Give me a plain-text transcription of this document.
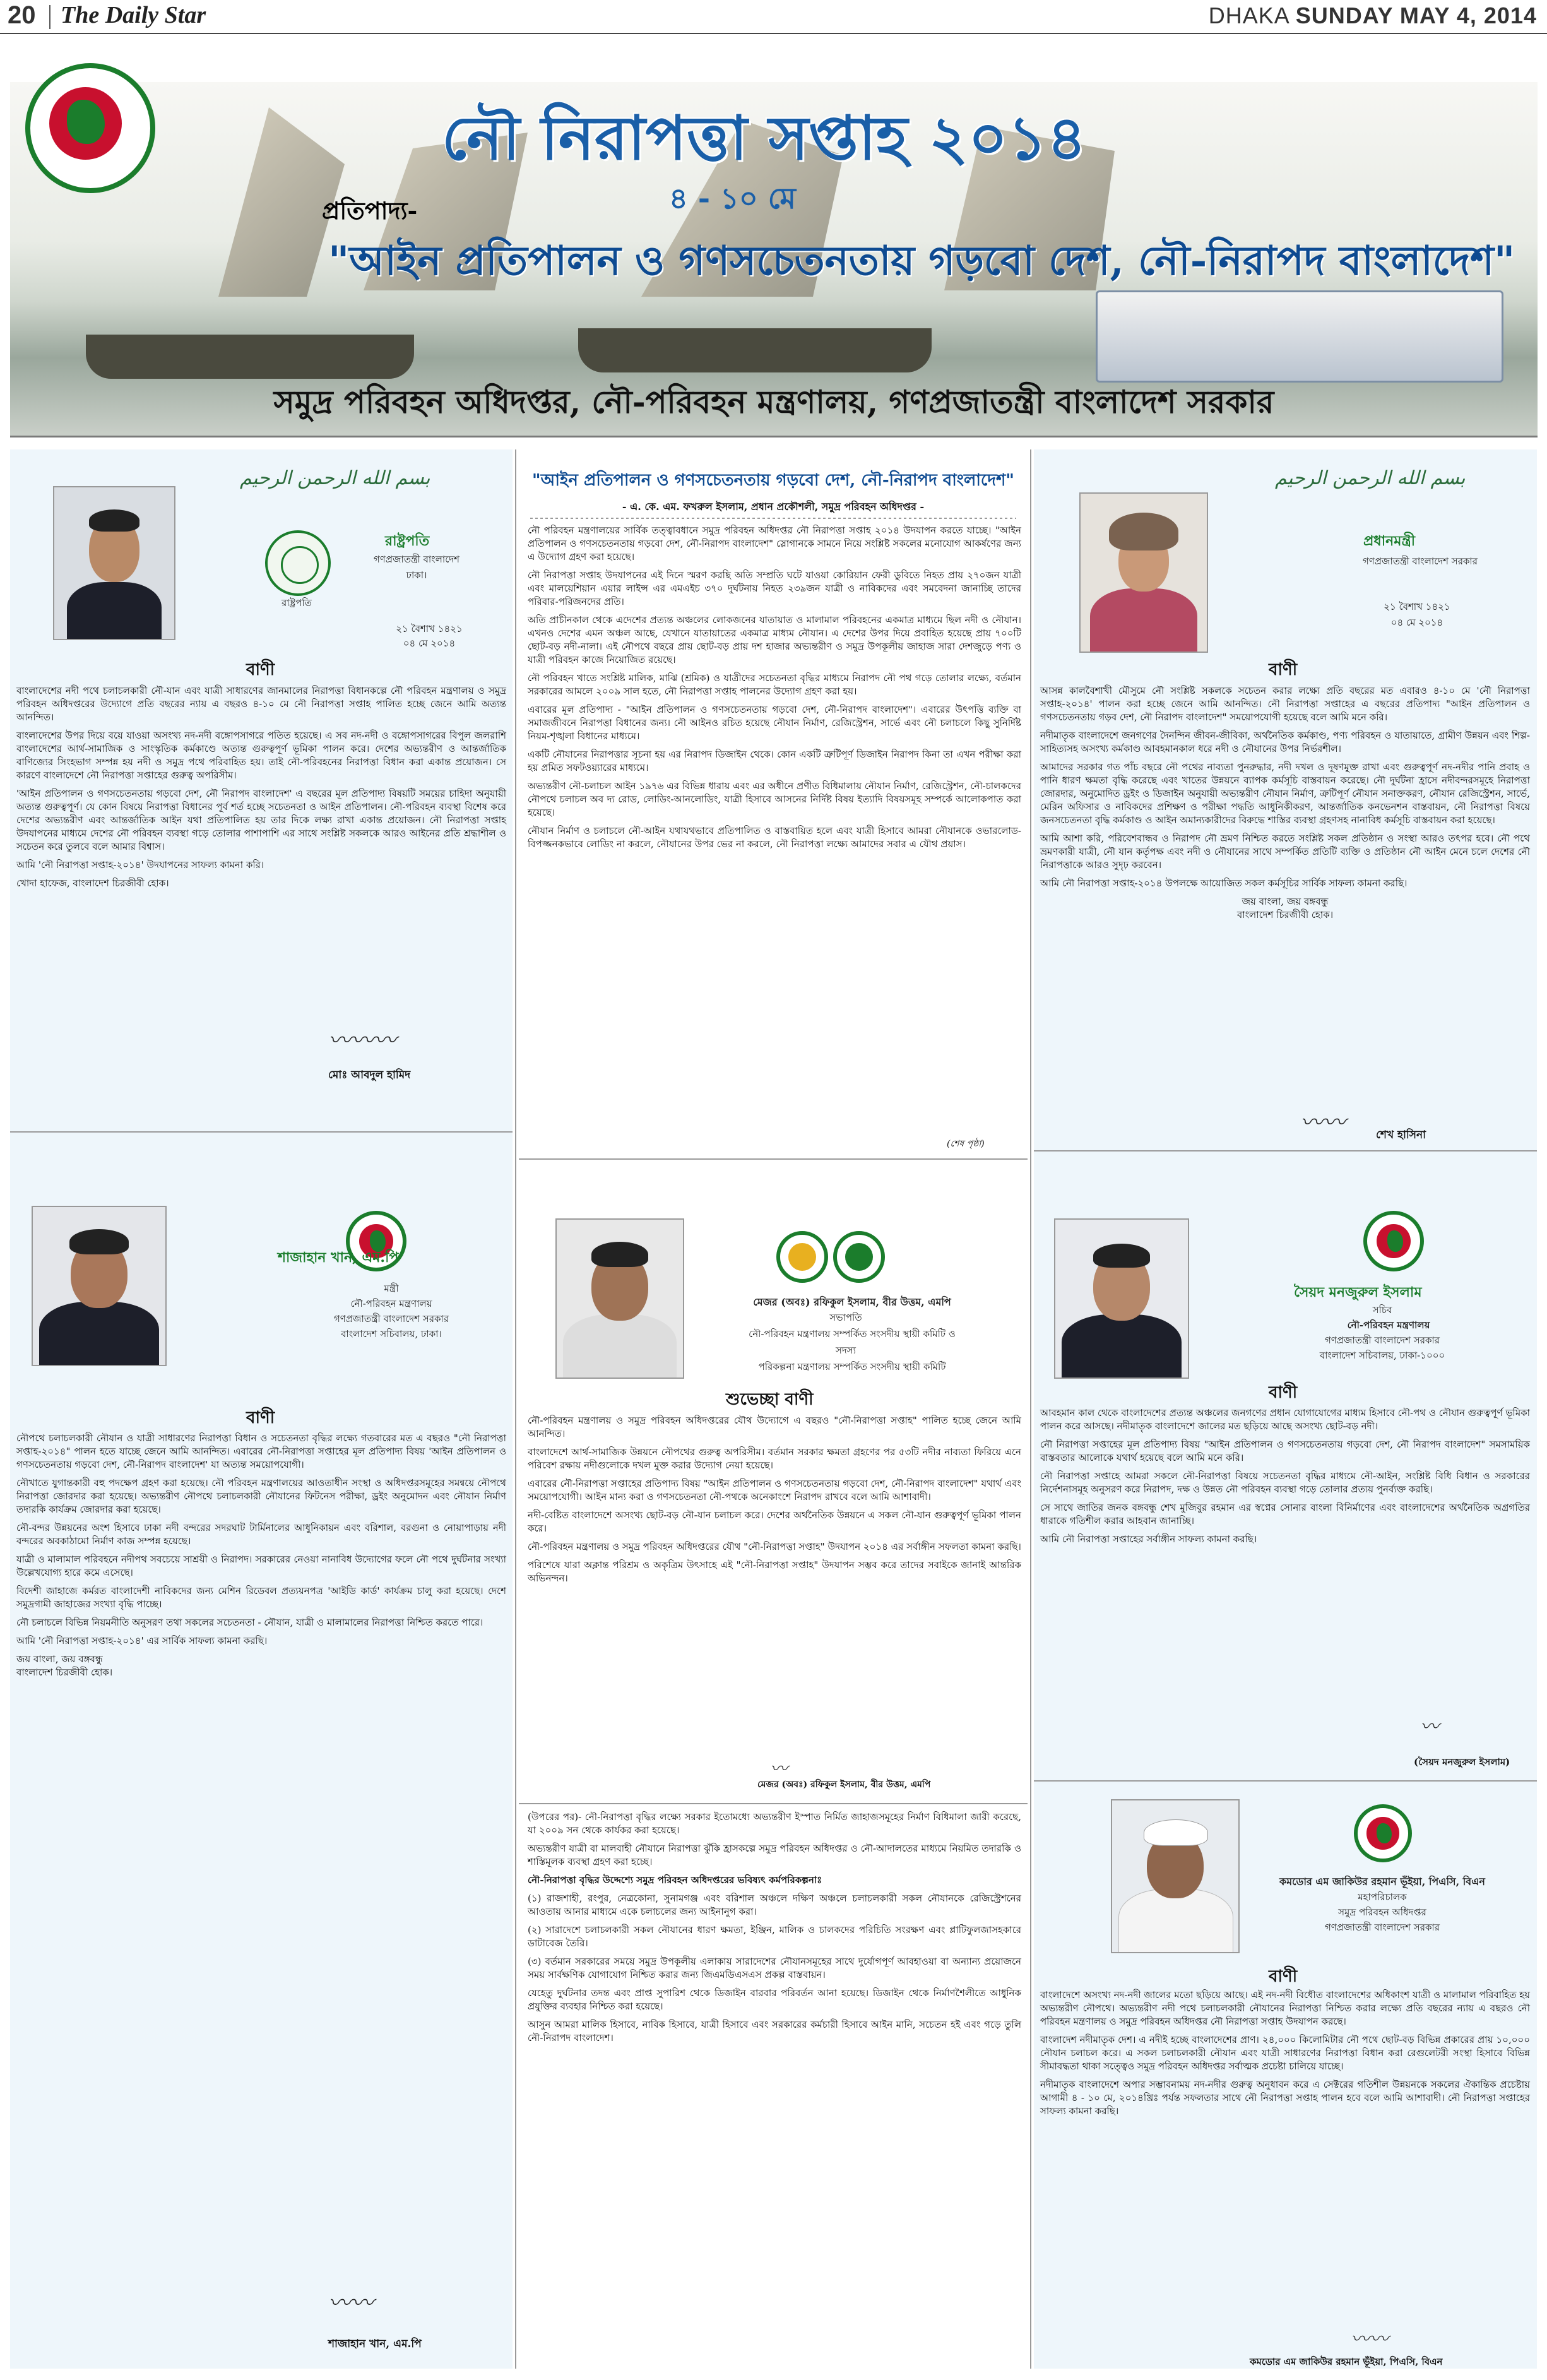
20 The Daily Star	DHAKA SUNDAY MAY 4, 2014
নৌ নিরাপত্তা সপ্তাহ ২০১৪
প্রতিপাদ্য-	৪ - ১০ মে
"আইন প্রতিপালন ও গণসচেতনতায় গড়বো দেশ, নৌ-নিরাপদ বাংলাদেশ"
সমুদ্র পরিবহন অধিদপ্তর, নৌ-পরিবহন মন্ত্রণালয়, গণপ্রজাতন্ত্রী বাংলাদেশ সরকার
بسم الله الرحمن الرحيم
রাষ্ট্রপতি
রাষ্ট্রপতি
গণপ্রজাতন্ত্রী বাংলাদেশ
ঢাকা।
২১ বৈশাখ ১৪২১
০৪ মে ২০১৪
বাণী

বাংলাদেশের নদী পথে চলাচলকারী নৌ-যান এবং যাত্রী সাধারণের জানমালের নিরাপত্তা বিধানকল্পে নৌ পরিবহন মন্ত্রণালয় ও সমুদ্র পরিবহন অধিদপ্তরের উদ্যোগে প্রতি বছরের ন্যায় এ বছরও ৪-১০ মে নৌ নিরাপত্তা সপ্তাহ পালিত হচ্ছে জেনে আমি অত্যন্ত আনন্দিত।

বাংলাদেশের উপর দিয়ে বয়ে যাওয়া অসংখ্য নদ-নদী বঙ্গোপসাগরে পতিত হয়েছে। এ সব নদ-নদী ও বঙ্গোপসাগরের বিপুল জলরাশি বাংলাদেশের আর্থ-সামাজিক ও সাংস্কৃতিক কর্মকাণ্ডে অত্যন্ত গুরুত্বপূর্ণ ভূমিকা পালন করে। দেশের অভ্যন্তরীণ ও আন্তর্জাতিক বাণিজ্যের সিংহভাগ সম্পন্ন হয় নদী ও সমুদ্র পথে পরিবাহিত হয়। তাই নৌ-পরিবহনের নিরাপত্তা বিধান করা একান্ত প্রয়োজন। সে কারণে বাংলাদেশে নৌ নিরাপত্তা সপ্তাহের গুরুত্ব অপরিসীম।

'আইন প্রতিপালন ও গণসচেতনতায় গড়বো দেশ, নৌ নিরাপদ বাংলাদেশ' এ বছরের মূল প্রতিপাদ্য বিষয়টি সময়ের চাহিদা অনুযায়ী অত্যন্ত গুরুত্বপূর্ণ। যে কোন বিষয়ে নিরাপত্তা বিধানের পূর্ব শর্ত হচ্ছে সচেতনতা ও আইন প্রতিপালন। নৌ-পরিবহন ব্যবস্থা বিশেষ করে দেশের অভ্যন্তরীণ এবং আন্তর্জাতিক আইন যথা প্রতিপালিত হয় তার দিকে লক্ষ্য রাখা একান্ত প্রয়োজন। নৌ নিরাপত্তা সপ্তাহ উদযাপনের মাধ্যমে দেশের নৌ পরিবহন ব্যবস্থা গড়ে তোলার পাশাপাশি এর সাথে সংশ্লিষ্ট সকলকে আরও আইনের প্রতি শ্রদ্ধাশীল ও সচেতন করে তুলবে বলে আমার বিশ্বাস।

আমি 'নৌ নিরাপত্তা সপ্তাহ-২০১৪' উদযাপনের সাফল্য কামনা করি।

খোদা হাফেজ, বাংলাদেশ চিরজীবী হোক।

〰〰〰
মোঃ আবদুল হামিদ
"আইন প্রতিপালন ও গণসচেতনতায় গড়বো দেশ, নৌ-নিরাপদ বাংলাদেশ"
- এ. কে. এম. ফখরুল ইসলাম, প্রধান প্রকৌশলী, সমুদ্র পরিবহন অধিদপ্তর -

নৌ পরিবহন মন্ত্রণালয়ের সার্বিক তত্ত্বাবধানে সমুদ্র পরিবহন অধিদপ্তর নৌ নিরাপত্তা সপ্তাহ ২০১৪ উদযাপন করতে যাচ্ছে। "আইন প্রতিপালন ও গণসচেতনতায় গড়বো দেশ, নৌ-নিরাপদ বাংলাদেশ" স্লোগানকে সামনে নিয়ে সংশ্লিষ্ট সকলের মনোযোগ আকর্ষণের জন্য এ উদ্যোগ গ্রহণ করা হয়েছে।

নৌ নিরাপত্তা সপ্তাহ উদযাপনের এই দিনে স্মরণ করছি অতি সম্প্রতি ঘটে যাওয়া কোরিয়ান ফেরী ডুবিতে নিহত প্রায় ২৭০জন যাত্রী এবং মালয়েশিয়ান এয়ার লাইন্স এর এমএইচ ৩৭০ দুর্ঘটনায় নিহত ২৩৯জন যাত্রী ও নাবিকদের এবং সমবেদনা জানাচ্ছি তাদের পরিবার-পরিজনদের প্রতি।

অতি প্রাচীনকাল থেকে এদেশের প্রত্যন্ত অঞ্চলের লোকজনের যাতায়াত ও মালামাল পরিবহনের একমাত্র মাধ্যমে ছিল নদী ও নৌযান। এখনও দেশের এমন অঞ্চল আছে, যেখানে যাতায়াতের একমাত্র মাধ্যম নৌযান। এ দেশের উপর দিয়ে প্রবাহিত হয়েছে প্রায় ৭০০টি ছোট-বড় নদী-নালা। এই নৌপথে বছরে প্রায় ছোট-বড় প্রায় দশ হাজার অভ্যন্তরীণ ও সমুদ্র উপকূলীয় জাহাজ সারা দেশজুড়ে পণ্য ও যাত্রী পরিবহন কাজে নিয়োজিত রয়েছে।

নৌ পরিবহন খাতে সংশ্লিষ্ট মালিক, মাঝি (শ্রমিক) ও যাত্রীদের সচেতনতা বৃদ্ধির মাধ্যমে নিরাপদ নৌ পথ গড়ে তোলার লক্ষ্যে, বর্তমান সরকারের আমলে ২০০৯ সাল হতে, নৌ নিরাপত্তা সপ্তাহ পালনের উদ্যোগ গ্রহণ করা হয়।

এবারের মূল প্রতিপাদ্য - "আইন প্রতিপালন ও গণসচেতনতায় গড়বো দেশ, নৌ-নিরাপদ বাংলাদেশ"। এবারের উৎপত্তি ব্যক্তি বা সমাজজীবনে নিরাপত্তা বিধানের জন্য। নৌ আইনও রচিত হয়েছে নৌযান নির্মাণ, রেজিস্ট্রেশন, সার্ভে এবং নৌ চলাচলে কিছু সুনির্দিষ্ট নিয়ম-শৃঙ্খলা বিধানের মাধ্যমে।

একটি নৌযানের নিরাপত্তার সূচনা হয় এর নিরাপদ ডিজাইন থেকে। কোন একটি ত্রুটিপূর্ণ ডিজাইন নিরাপদ কিনা তা এখন পরীক্ষা করা হয় প্রমিত সফটওয়্যারের মাধ্যমে।

অভ্যন্তরীণ নৌ-চলাচল আইন ১৯৭৬ এর বিভিন্ন ধারায় এবং এর অধীনে প্রণীত বিধিমালায় নৌযান নির্মাণ, রেজিস্ট্রেশন, নৌ-চালকদের নৌপথে চলাচল অব দ্য রোড, লোডিং-আনলোডিং, যাত্রী হিসাবে আসনের নির্দিষ্ট বিষয় ইত্যাদি বিষয়সমূহ সম্পর্কে আলোকপাত করা হয়েছে।

নৌযান নির্মাণ ও চলাচলে নৌ-আইন যথাযথভাবে প্রতিপালিত ও বাস্তবায়িত হলে এবং যাত্রী হিসাবে আমরা নৌযানকে ওভারলোড-বিপজ্জনকভাবে লোডিং না করলে, নৌযানের উপর ভের না করলে, নৌ নিরাপত্তা লক্ষ্যে আমাদের সবার এ যৌথ প্রয়াস।

(শেষ পৃষ্ঠা)
بسم الله الرحمن الرحيم
প্রধানমন্ত্রী
গণপ্রজাতন্ত্রী বাংলাদেশ সরকার
২১ বৈশাখ ১৪২১
০৪ মে ২০১৪
বাণী

আসন্ন কালবৈশাখী মৌসুমে নৌ সংশ্লিষ্ট সকলকে সচেতন করার লক্ষ্যে প্রতি বছরের মত এবারও ৪-১০ মে 'নৌ নিরাপত্তা সপ্তাহ-২০১৪' পালন করা হচ্ছে জেনে আমি আনন্দিত। নৌ নিরাপত্তা সপ্তাহের এ বছরের প্রতিপাদ্য "আইন প্রতিপালন ও গণসচেতনতায় গড়ব দেশ, নৌ নিরাপদ বাংলাদেশ" সময়োপযোগী হয়েছে বলে আমি মনে করি।

নদীমাতৃক বাংলাদেশে জনগণের দৈনন্দিন জীবন-জীবিকা, অর্থনৈতিক কর্মকাণ্ড, পণ্য পরিবহন ও যাতায়াতে, গ্রামীণ উন্নয়ন এবং শিল্প-সাহিত্যসহ অসংখ্য কর্মকাণ্ড আবহমানকাল ধরে নদী ও নৌযানের উপর নির্ভরশীল।

আমাদের সরকার গত পাঁচ বছরে নৌ পথের নাব্যতা পুনরুদ্ধার, নদী দখল ও দূষণমুক্ত রাখা এবং গুরুত্বপূর্ণ নদ-নদীর পানি প্রবাহ ও পানি ধারণ ক্ষমতা বৃদ্ধি করেছে এবং খাতের উন্নয়নে ব্যাপক কর্মসূচি বাস্তবায়ন করেছে। নৌ দুর্ঘটনা হ্রাসে নদীবন্দরসমূহে নিরাপত্তা জোরদার, অনুমোদিত ড্রইং ও ডিজাইন অনুযায়ী অভ্যন্তরীণ নৌযান নির্মাণ, ত্রুটিপূর্ণ নৌযান সনাক্তকরণ, নৌযান রেজিস্ট্রেশন, সার্ভে, মেরিন অফিসার ও নাবিকদের প্রশিক্ষণ ও পরীক্ষা পদ্ধতি আধুনিকীকরণ, আন্তর্জাতিক কনভেনশন বাস্তবায়ন, নৌ নিরাপত্তা বিষয়ে জনসচেতনতা বৃদ্ধি কর্মকাণ্ড ও আইন অমান্যকারীদের বিরুদ্ধে শাস্তির ব্যবস্থা গ্রহণসহ নানাবিধ কর্মসূচি বাস্তবায়ন করা হয়েছে।

আমি আশা করি, পরিবেশবান্ধব ও নিরাপদ নৌ ভ্রমণ নিশ্চিত করতে সংশ্লিষ্ট সকল প্রতিষ্ঠান ও সংস্থা আরও তৎপর হবে। নৌ পথে ভ্রমণকারী যাত্রী, নৌ যান কর্তৃপক্ষ এবং নদী ও নৌযানের সাথে সম্পর্কিত প্রতিটি ব্যক্তি ও প্রতিষ্ঠান নৌ আইন মেনে চলে দেশের নৌ নিরাপত্তাকে আরও সুদৃঢ় করবেন।

আমি নৌ নিরাপত্তা সপ্তাহ-২০১৪ উপলক্ষে আয়োজিত সকল কর্মসূচির সার্বিক সাফল্য কামনা করছি।

জয় বাংলা, জয় বঙ্গবন্ধু

বাংলাদেশ চিরজীবী হোক।

〰〰	শেখ হাসিনা
শাজাহান খান, এম.পি
মন্ত্রী
নৌ-পরিবহন মন্ত্রণালয়
গণপ্রজাতন্ত্রী বাংলাদেশ সরকার
বাংলাদেশ সচিবালয়, ঢাকা।
বাণী

নৌপথে চলাচলকারী নৌযান ও যাত্রী সাধারণের নিরাপত্তা বিধান ও সচেতনতা বৃদ্ধির লক্ষ্যে গতবারের মত এ বছরও "নৌ নিরাপত্তা সপ্তাহ-২০১৪" পালন হতে যাচ্ছে জেনে আমি আনন্দিত। এবারের নৌ-নিরাপত্তা সপ্তাহের মূল প্রতিপাদ্য বিষয় 'আইন প্রতিপালন ও গণসচেতনতায় গড়বো দেশ, নৌ-নিরাপদ বাংলাদেশ' যা অত্যন্ত সময়োপযোগী।

নৌখাতে যুগান্তকারী বহু পদক্ষেপ গ্রহণ করা হয়েছে। নৌ পরিবহন মন্ত্রণালয়ের আওতাধীন সংস্থা ও অধিদপ্তরসমূহের সমন্বয়ে নৌপথে নিরাপত্তা জোরদার করা হয়েছে। অভ্যন্তরীণ নৌপথে চলাচলকারী নৌযানের ফিটনেস পরীক্ষা, ড্রইং অনুমোদন এবং নৌযান নির্মাণ তদারকি কার্যক্রম জোরদার করা হয়েছে।

নৌ-বন্দর উন্নয়নের অংশ হিসাবে ঢাকা নদী বন্দরের সদরঘাট টার্মিনালের আধুনিকায়ন এবং বরিশাল, বরগুনা ও নোয়াপাড়ায় নদী বন্দরের অবকাঠামো নির্মাণ কাজ সম্পন্ন হয়েছে।

যাত্রী ও মালামাল পরিবহনে নদীপথ সবচেয়ে সাশ্রয়ী ও নিরাপদ। সরকারের নেওয়া নানাবিধ উদ্যোগের ফলে নৌ পথে দুর্ঘটনার সংখ্যা উল্লেখযোগ্য হারে কমে এসেছে।

বিদেশী জাহাজে কর্মরত বাংলাদেশী নাবিকদের জন্য মেশিন রিডেবল প্রত্যয়নপত্র 'আইডি কার্ড' কার্যক্রম চালু করা হয়েছে। দেশে সমুদ্রগামী জাহাজের সংখ্যা বৃদ্ধি পাচ্ছে।

নৌ চলাচলে বিভিন্ন নিয়মনীতি অনুসরণ তথা সকলের সচেতনতা - নৌযান, যাত্রী ও মালামালের নিরাপত্তা নিশ্চিত করতে পারে।

আমি 'নৌ নিরাপত্তা সপ্তাহ-২০১৪' এর সার্বিক সাফল্য কামনা করছি।

জয় বাংলা, জয় বঙ্গবন্ধু

বাংলাদেশ চিরজীবী হোক।

〰〰
শাজাহান খান, এম.পি
মেজর (অবঃ) রফিকুল ইসলাম, বীর উত্তম, এমপি
সভাপতি
নৌ-পরিবহন মন্ত্রণালয় সম্পর্কিত সংসদীয় স্থায়ী কমিটি ও
সদস্য
পরিকল্পনা মন্ত্রণালয় সম্পর্কিত সংসদীয় স্থায়ী কমিটি
শুভেচ্ছা বাণী

নৌ-পরিবহন মন্ত্রণালয় ও সমুদ্র পরিবহন অধিদপ্তরের যৌথ উদ্যোগে এ বছরও "নৌ-নিরাপত্তা সপ্তাহ" পালিত হচ্ছে জেনে আমি আনন্দিত।

বাংলাদেশে আর্থ-সামাজিক উন্নয়নে নৌপথের গুরুত্ব অপরিসীম। বর্তমান সরকার ক্ষমতা গ্রহণের পর ৫৩টি নদীর নাব্যতা ফিরিয়ে এনে পরিবেশ রক্ষায় নদীগুলোকে দখল মুক্ত করার উদ্যোগ নেয়া হয়েছে।

এবারের নৌ-নিরাপত্তা সপ্তাহের প্রতিপাদ্য বিষয় "আইন প্রতিপালন ও গণসচেতনতায় গড়বো দেশ, নৌ-নিরাপদ বাংলাদেশ" যথার্থ এবং সময়োপযোগী। আইন মান্য করা ও গণসচেতনতা নৌ-পথকে অনেকাংশে নিরাপদ রাখবে বলে আমি আশাবাদী।

নদী-বেষ্টিত বাংলাদেশে অসংখ্য ছোট-বড় নৌ-যান চলাচল করে। দেশের অর্থনৈতিক উন্নয়নে এ সকল নৌ-যান গুরুত্বপূর্ণ ভূমিকা পালন করে।

নৌ-পরিবহন মন্ত্রণালয় ও সমুদ্র পরিবহন অধিদপ্তরের যৌথ "নৌ-নিরাপত্তা সপ্তাহ" উদযাপন ২০১৪ এর সর্বাঙ্গীন সফলতা কামনা করছি।

পরিশেষে যারা অক্লান্ত পরিশ্রম ও অকৃত্রিম উৎসাহে এই "নৌ-নিরাপত্তা সপ্তাহ" উদযাপন সম্ভব করে তাদের সবাইকে জানাই আন্তরিক অভিনন্দন।

〰
মেজর (অবঃ) রফিকুল ইসলাম, বীর উত্তম, এমপি

(উপরের পর)- নৌ-নিরাপত্তা বৃদ্ধির লক্ষ্যে সরকার ইতোমধ্যে অভ্যন্তরীণ ইস্পাত নির্মিত জাহাজসমূহের নির্মাণ বিধিমালা জারী করেছে, যা ২০০৯ সন থেকে কার্যকর করা হয়েছে।

অভ্যন্তরীণ যাত্রী বা মালবাহী নৌযানে নিরাপত্তা ঝুঁকি হ্রাসকল্পে সমুদ্র পরিবহন অধিদপ্তর ও নৌ-আদালতের মাধ্যমে নিয়মিত তদারকি ও শাস্তিমূলক ব্যবস্থা গ্রহণ করা হচ্ছে।

নৌ-নিরাপত্তা বৃদ্ধির উদ্দেশ্যে সমুদ্র পরিবহন অধিদপ্তরের ভবিষ্যৎ কর্মপরিকল্পনাঃ

(১) রাজশাহী, রংপুর, নেত্রকোনা, সুনামগঞ্জ এবং বরিশাল অঞ্চলে দক্ষিণ অঞ্চলে চলাচলকারী সকল নৌযানকে রেজিস্ট্রেশনের আওতায় আনার মাধ্যমে একে চলাচলের জন্য আইনানুগ করা।

(২) সারাদেশে চলাচলকারী সকল নৌযানের ধারণ ক্ষমতা, ইঞ্জিন, মালিক ও চালকদের পরিচিতি সংরক্ষণ এবং প্লাটিফুলজাসহকারে ডাটাবেজ তৈরি।

(৩) বর্তমান সরকারের সময়ে সমুদ্র উপকূলীয় এলাকায় সারাদেশের নৌযানসমূহের সাথে দুর্যোগপূর্ণ আবহাওয়া বা অন্যান্য প্রয়োজনে সময় সার্বক্ষণিক যোগাযোগ নিশ্চিত করার জন্য জিএমডিএসএস প্রকল্প বাস্তবায়ন।

যেহেতু দুর্ঘটনার তদন্ত এবং প্রাপ্ত সুপারিশ থেকে ডিজাইন বারবার পরিবর্তন আনা হয়েছে। ডিজাইন থেকে নির্মাণশৈলীতে আধুনিক প্রযুক্তির ব্যবহার নিশ্চিত করা হয়েছে।

আসুন আমরা মালিক হিসাবে, নাবিক হিসাবে, যাত্রী হিসাবে এবং সরকারের কর্মচারী হিসাবে আইন মানি, সচেতন হই এবং গড়ে তুলি নৌ-নিরাপদ বাংলাদেশ।

সৈয়দ মনজুরুল ইসলাম
সচিব
নৌ-পরিবহন মন্ত্রণালয়
গণপ্রজাতন্ত্রী বাংলাদেশ সরকার
বাংলাদেশ সচিবালয়, ঢাকা-১০০০
বাণী

আবহমান কাল থেকে বাংলাদেশের প্রত্যন্ত অঞ্চলের জনগণের প্রধান যোগাযোগের মাধ্যম হিসাবে নৌ-পথ ও নৌযান গুরুত্বপূর্ণ ভূমিকা পালন করে আসছে। নদীমাতৃক বাংলাদেশে জালের মত ছড়িয়ে আছে অসংখ্য ছোট-বড় নদী।

নৌ নিরাপত্তা সপ্তাহের মূল প্রতিপাদ্য বিষয় "আইন প্রতিপালন ও গণসচেতনতায় গড়বো দেশ, নৌ নিরাপদ বাংলাদেশ" সমসাময়িক বাস্তবতার আলোকে যথার্থ হয়েছে বলে আমি মনে করি।

নৌ নিরাপত্তা সপ্তাহে আমরা সকলে নৌ-নিরাপত্তা বিষয়ে সচেতনতা বৃদ্ধির মাধ্যমে নৌ-আইন, সংশ্লিষ্ট বিধি বিধান ও সরকারের নির্দেশনাসমূহ অনুসরণ করে নিরাপদ, দক্ষ ও উন্নত নৌ পরিবহন ব্যবস্থা গড়ে তোলার প্রত্যয় পুনর্ব্যক্ত করছি।

সে সাথে জাতির জনক বঙ্গবন্ধু শেখ মুজিবুর রহমান এর স্বপ্নের সোনার বাংলা বিনির্মাণের এবং বাংলাদেশের অর্থনৈতিক অগ্রগতির ধারাকে গতিশীল করার আহবান জানাচ্ছি।

আমি নৌ নিরাপত্তা সপ্তাহের সর্বাঙ্গীন সাফল্য কামনা করছি।

〰
(সৈয়দ মনজুরুল ইসলাম)
কমডোর এম জাকিউর রহমান ভূঁইয়া, পিএসি, বিএন
মহাপরিচালক
সমুদ্র পরিবহন অধিদপ্তর
গণপ্রজাতন্ত্রী বাংলাদেশ সরকার
বাণী

বাংলাদেশে অসংখ্য নদ-নদী জালের মতো ছড়িয়ে আছে। এই নদ-নদী বিধৌত বাংলাদেশের অধিকাংশ যাত্রী ও মালামাল পরিবাহিত হয় অভ্যন্তরীণ নৌপথে। অভ্যন্তরীণ নদী পথে চলাচলকারী নৌযানের নিরাপত্তা নিশ্চিত করার লক্ষ্যে প্রতি বছরের ন্যায় এ বছরও নৌ পরিবহন মন্ত্রণালয় ও সমুদ্র পরিবহন অধিদপ্তর নৌ নিরাপত্তা সপ্তাহ উদযাপন করছে।

বাংলাদেশ নদীমাতৃক দেশ। এ নদীই হচ্ছে বাংলাদেশের প্রাণ। ২৪,০০০ কিলোমিটার নৌ পথে ছোট-বড় বিভিন্ন প্রকারের প্রায় ১০,০০০ নৌযান চলাচল করে। এ সকল চলাচলকারী নৌযান এবং যাত্রী সাধারণের নিরাপত্তা বিধান করা রেগুলেটরী সংস্থা হিসাবে বিভিন্ন সীমাবদ্ধতা থাকা সত্ত্বেও সমুদ্র পরিবহন অধিদপ্তর সর্বাত্মক প্রচেষ্টা চালিয়ে যাচ্ছে।

নদীমাতৃক বাংলাদেশে অপার সম্ভাবনাময় নদ-নদীর গুরুত্ব অনুধাবন করে এ সেক্টরের গতিশীল উন্নয়নকে সকলের ঐকান্তিক প্রচেষ্টায় আগামী ৪ - ১০ মে, ২০১৪খ্রিঃ পর্যন্ত সফলতার সাথে নৌ নিরাপত্তা সপ্তাহ পালন হবে বলে আমি আশাবাদী। নৌ নিরাপত্তা সপ্তাহের সাফল্য কামনা করছি।

〰〰
কমডোর এম জাকিউর রহমান ভূঁইয়া, পিএসি, বিএন
